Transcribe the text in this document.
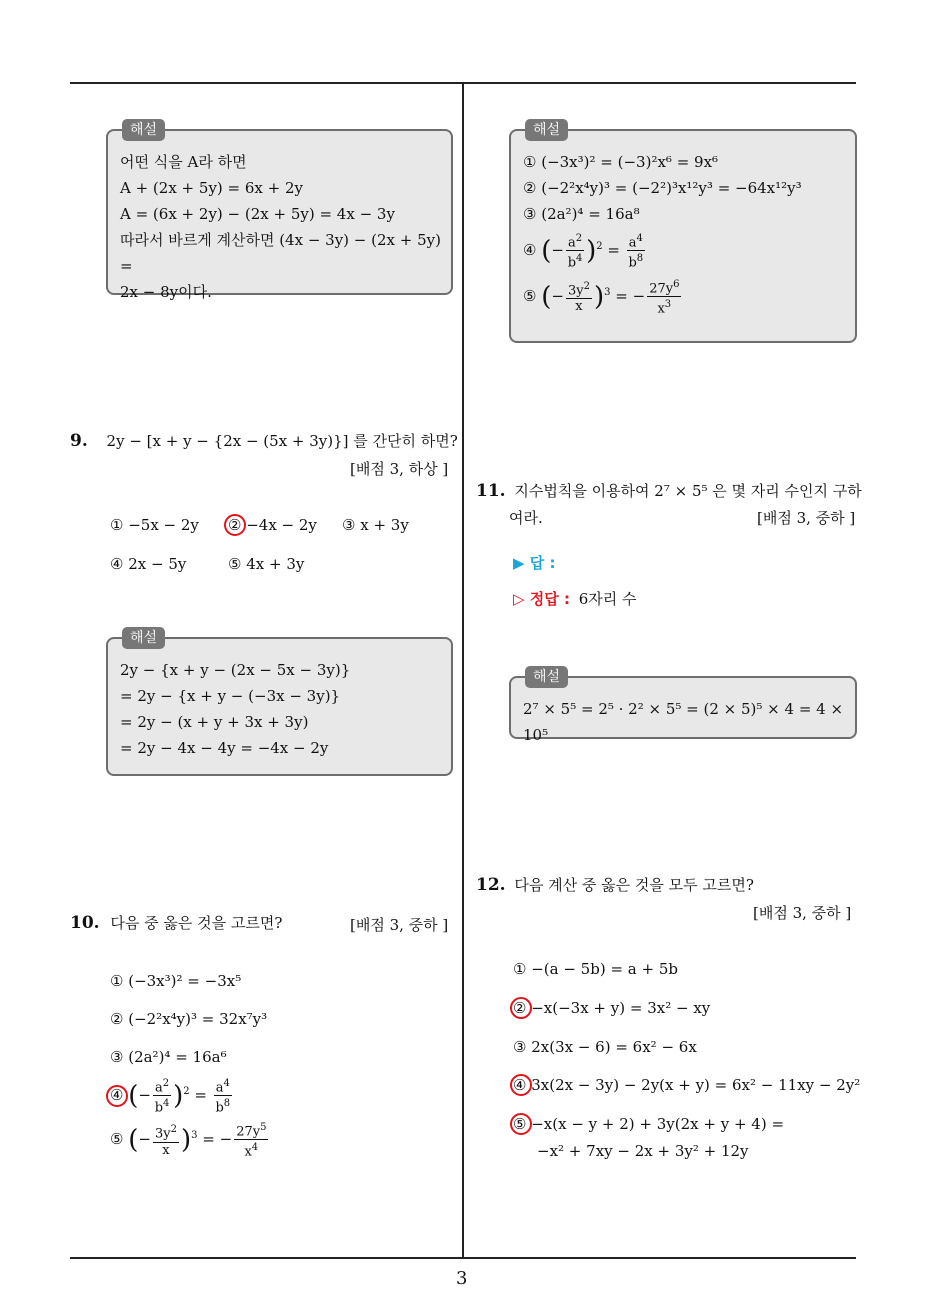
해설
어떤 식을 A라 하면
A + (2x + 5y) = 6x + 2y
A = (6x + 2y) − (2x + 5y) = 4x − 3y
따라서 바르게 계산하면 (4x − 3y) − (2x + 5y) =
2x − 8y이다.
9. 2y − [x + y − {2x − (5x + 3y)}] 를 간단히 하면?
[배점 3, 하상 ]
① −5x − 2y ② −4x − 2y ③ x + 3y
④ 2x − 5y	⑤ 4x + 3y
해설
2y − {x + y − (2x − 5x − 3y)}
= 2y − {x + y − (−3x − 3y)}
= 2y − (x + y + 3x + 3y)
= 2y − 4x − 4y = −4x − 2y
10. 다음 중 옳은 것을 고르면?	[배점 3, 중하 ]
① (−3x³)² = −3x⁵
② (−2²x⁴y)³ = 32x⁷y³
③ (2a²)⁴ = 16a⁶
④ (− $\frac{a^2}{b^4} )^2 = \frac{a^4}{b^8}$
⑤ (− $\frac{3y^2}{x} )^3$ = − $\frac{27y^5}{x^4}$
해설
① (−3x³)² = (−3)²x⁶ = 9x⁶
② (−2²x⁴y)³ = (−2²)³x¹²y³ = −64x¹²y³
③ (2a²)⁴ = 16a⁸
④ (− $\frac{a^2}{b^4} )^2 = \frac{a^4}{b^8}$
⑤ (− $\frac{3y^2}{x} )^3$ = − $\frac{27y^6}{x^3}$
11. 지수법칙을 이용하여 2⁷ × 5⁵ 은 몇 자리 수인지 구하
여라.	[배점 3, 중하 ]
▶ 답 :
▷ 정답 : 6자리 수
해설
2⁷ × 5⁵ = 2⁵ · 2² × 5⁵ = (2 × 5)⁵ × 4 = 4 × 10⁵
12. 다음 계산 중 옳은 것을 모두 고르면?
[배점 3, 중하 ]
① −(a − 5b) = a + 5b
② −x(−3x + y) = 3x² − xy
③ 2x(3x − 6) = 6x² − 6x
④ 3x(2x − 3y) − 2y(x + y) = 6x² − 11xy − 2y²
⑤ −x(x − y + 2) + 3y(2x + y + 4) =
−x² + 7xy − 2x + 3y² + 12y
3
